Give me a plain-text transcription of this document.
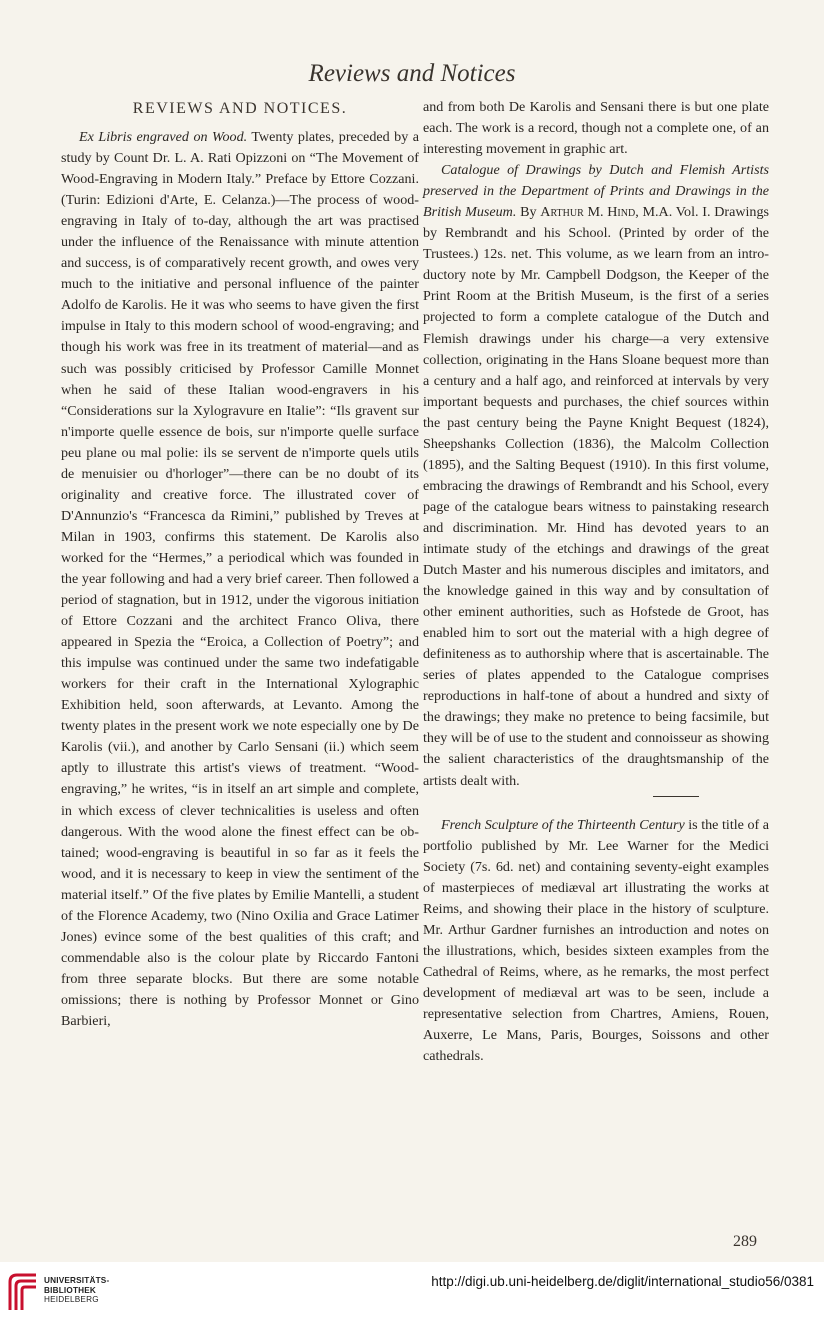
Reviews and Notices
REVIEWS AND NOTICES.

Ex Libris engraved on Wood. Twenty plates, preceded by a study by Count Dr. L. A. Rati Opizzoni on “The Movement of Wood-Engraving in Modern Italy.” Preface by Ettore Cozzani. (Turin: Edizioni d'Arte, E. Celanza.)—The process of wood-engraving in Italy of to-day, although the art was practised under the influence of the Renaissance with minute attention and success, is of comparatively recent growth, and owes very much to the initiative and personal influence of the painter Adolfo de Karolis. He it was who seems to have given the first impulse in Italy to this modern school of wood-engraving; and though his work was free in its treatment of material—and as such was possibly criticised by Professor Camille Monnet when he said of these Italian wood-engravers in his “Considerations sur la Xylogravure en Italie”: “Ils gravent sur n'importe quelle essence de bois, sur n'importe quelle surface peu plane ou mal polie: ils se servent de n'importe quels utils de menuisier ou d'horloger”—there can be no doubt of its originality and creative force. The illustrated cover of D'Annunzio's “Francesca da Rimini,” published by Treves at Milan in 1903, confirms this statement. De Karolis also worked for the “Hermes,” a periodical which was founded in the year following and had a very brief career. Then followed a period of stagnation, but in 1912, under the vigorous initiation of Ettore Cozzani and the architect Franco Oliva, there appeared in Spezia the “Eroica, a Collection of Poetry”; and this impulse was continued under the same two indefatigable workers for their craft in the International Xylographic Exhibition held, soon afterwards, at Levanto. Among the twenty plates in the present work we note especially one by De Karolis (vii.), and another by Carlo Sensani (ii.) which seem aptly to illustrate this artist's views of treatment. “Wood-engraving,” he writes, “is in itself an art simple and complete, in which excess of clever technicalities is useless and often dangerous. With the wood alone the finest effect can be obtained; wood-engraving is beautiful in so far as it feels the wood, and it is necessary to keep in view the sentiment of the material itself.” Of the five plates by Emilie Mantelli, a student of the Florence Academy, two (Nino Oxilia and Grace Latimer Jones) evince some of the best qualities of this craft; and commendable also is the colour plate by Riccardo Fantoni from three separate blocks. But there are some notable omissions; there is nothing by Professor Monnet or Gino Barbieri,

and from both De Karolis and Sensani there is but one plate each. The work is a record, though not a complete one, of an interesting movement in graphic art.

Catalogue of Drawings by Dutch and Flemish Artists preserved in the Department of Prints and Drawings in the British Museum. By Arthur M. Hind, M.A. Vol. I. Drawings by Rembrandt and his School. (Printed by order of the Trustees.) 12s. net. This volume, as we learn from an introductory note by Mr. Campbell Dodgson, the Keeper of the Print Room at the British Museum, is the first of a series projected to form a complete catalogue of the Dutch and Flemish drawings under his charge—a very extensive collection, originating in the Hans Sloane bequest more than a century and a half ago, and reinforced at intervals by very important bequests and purchases, the chief sources within the past century being the Payne Knight Bequest (1824), Sheepshanks Collection (1836), the Malcolm Collection (1895), and the Salting Bequest (1910). In this first volume, embracing the drawings of Rembrandt and his School, every page of the catalogue bears witness to painstaking research and discrimination. Mr. Hind has devoted years to an intimate study of the etchings and drawings of the great Dutch Master and his numerous disciples and imitators, and the knowledge gained in this way and by consultation of other eminent authorities, such as Hofstede de Groot, has enabled him to sort out the material with a high degree of definiteness as to authorship where that is ascertainable. The series of plates appended to the Catalogue comprises reproductions in half-tone of about a hundred and sixty of the drawings; they make no pretence to being facsimile, but they will be of use to the student and connoisseur as showing the salient characteristics of the draughtsmanship of the artists dealt with.

French Sculpture of the Thirteenth Century is the title of a portfolio published by Mr. Lee Warner for the Medici Society (7s. 6d. net) and containing seventy-eight examples of masterpieces of mediæval art illustrating the works at Reims, and showing their place in the history of sculpture. Mr. Arthur Gardner furnishes an introduction and notes on the illustrations, which, besides sixteen examples from the Cathedral of Reims, where, as he remarks, the most perfect development of mediæval art was to be seen, include a representative selection from Chartres, Amiens, Rouen, Auxerre, Le Mans, Paris, Bourges, Soissons and other cathedrals.

289
UNIVERSITÄTS-
BIBLIOTHEK
HEIDELBERG
http://digi.ub.uni-heidelberg.de/diglit/international_studio56/0381
